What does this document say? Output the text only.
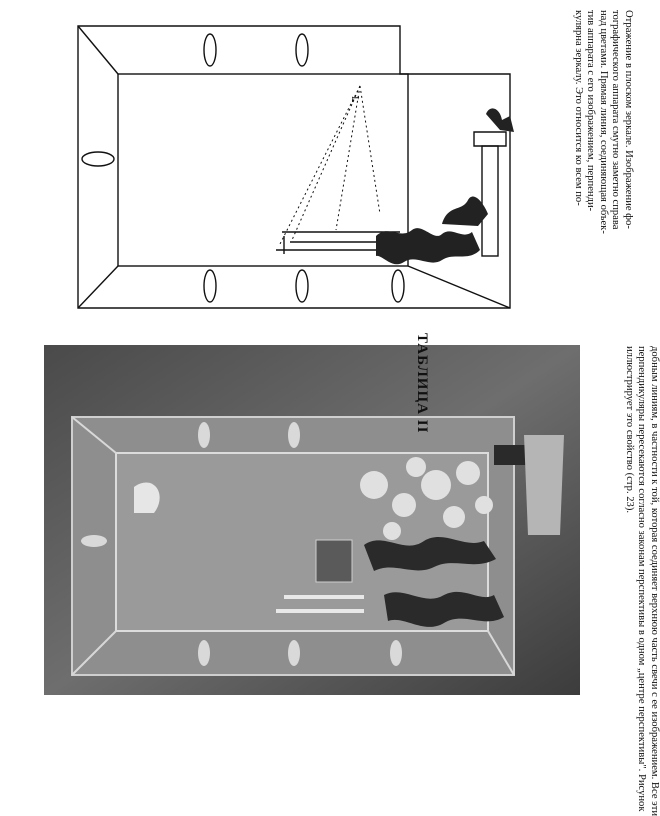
L
ТАБЛИЦА II
Отражение в плоском зеркале. Изображение фо-
тографического аппарата смутно заметно справа
над цветами. Прямая линия, соединяющая объек-
тив аппарата с его изображением, перпенди-
кулярна зеркалу. Это относится ко всем по-
добным линиям, в частности к той, которая соединяет верхнюю часть свечи с ее изображением. Все эти
перпендикуляры пересекаются согласно законам перспективы в одном „центре перспективы". Рисунок
иллюстрирует это свойство (стр. 23).
